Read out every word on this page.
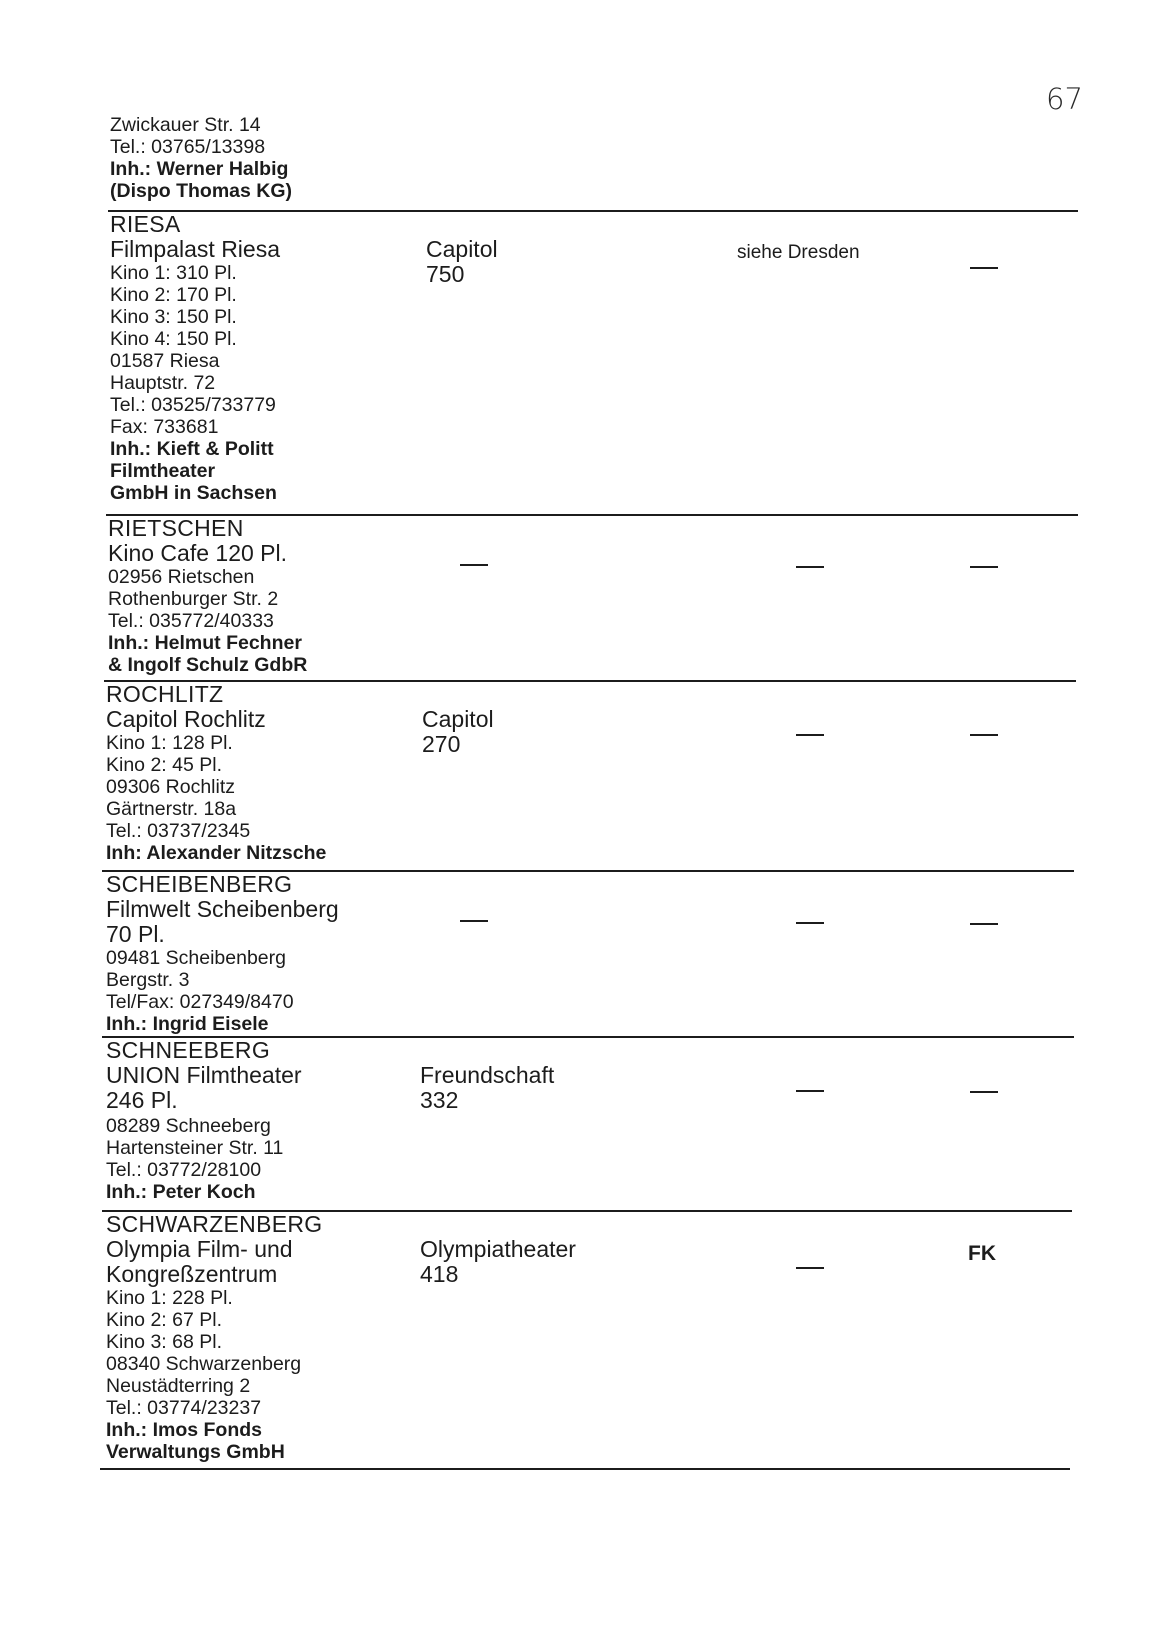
67
Zwickauer Str. 14
Tel.: 03765/13398
Inh.: Werner Halbig
(Dispo Thomas KG)
RIESA
Filmpalast Riesa
Kino 1: 310 Pl.
Kino 2: 170 Pl.
Kino 3: 150 Pl.
Kino 4: 150 Pl.
01587 Riesa
Hauptstr. 72
Tel.: 03525/733779
Fax: 733681
Inh.: Kieft & Politt
Filmtheater
GmbH in Sachsen
Capitol
750
siehe Dresden
RIETSCHEN
Kino Cafe 120 Pl.
02956 Rietschen
Rothenburger Str. 2
Tel.: 035772/40333
Inh.: Helmut Fechner
& Ingolf Schulz GdbR
ROCHLITZ
Capitol Rochlitz
Kino 1: 128 Pl.
Kino 2: 45 Pl.
09306 Rochlitz
Gärtnerstr. 18a
Tel.: 03737/2345
Inh: Alexander Nitzsche
Capitol
270
SCHEIBENBERG
Filmwelt Scheibenberg
70 Pl.
09481 Scheibenberg
Bergstr. 3
Tel/Fax: 027349/8470
Inh.: Ingrid Eisele
SCHNEEBERG
UNION Filmtheater
246 Pl.
08289 Schneeberg
Hartensteiner Str. 11
Tel.: 03772/28100
Inh.: Peter Koch
Freundschaft
332
SCHWARZENBERG
Olympia Film- und
Kongreßzentrum
Kino 1: 228 Pl.
Kino 2: 67 Pl.
Kino 3: 68 Pl.
08340 Schwarzenberg
Neustädterring 2
Tel.: 03774/23237
Inh.: Imos Fonds
Verwaltungs GmbH
Olympiatheater
418
FK
